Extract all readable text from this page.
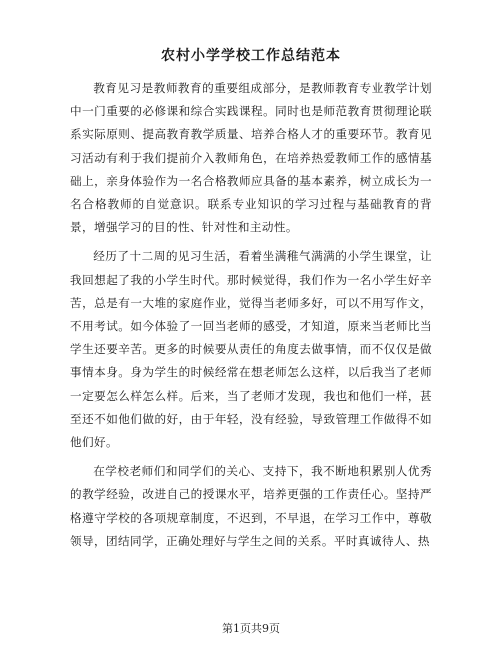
农村小学学校工作总结范本

教育见习是教师教育的重要组成部分，是教师教育专业教学计划中一门重要的必修课和综合实践课程。同时也是师范教育贯彻理论联系实际原则、提高教育教学质量、培养合格人才的重要环节。教育见习活动有利于我们提前介入教师角色，在培养热爱教师工作的感情基础上，亲身体验作为一名合格教师应具备的基本素养，树立成长为一名合格教师的自觉意识。联系专业知识的学习过程与基础教育的背景，增强学习的目的性、针对性和主动性。

经历了十二周的见习生活，看着坐满稚气满满的小学生课堂，让我回想起了我的小学生时代。那时候觉得，我们作为一名小学生好辛苦，总是有一大堆的家庭作业，觉得当老师多好，可以不用写作文，不用考试。如今体验了一回当老师的感受，才知道，原来当老师比当学生还要辛苦。更多的时候要从责任的角度去做事情，而不仅仅是做事情本身。身为学生的时候经常在想老师怎么这样，以后我当了老师一定要怎么样怎么样。后来，当了老师才发现，我也和他们一样，甚至还不如他们做的好，由于年轻，没有经验，导致管理工作做得不如他们好。

在学校老师们和同学们的关心、支持下，我不断地积累别人优秀的教学经验，改进自己的授课水平，培养更强的工作责任心。坚持严格遵守学校的各项规章制度，不迟到，不早退，在学习工作中，尊敬领导，团结同学，正确处理好与学生之间的关系。平时真诚待人、热

第1页共9页
